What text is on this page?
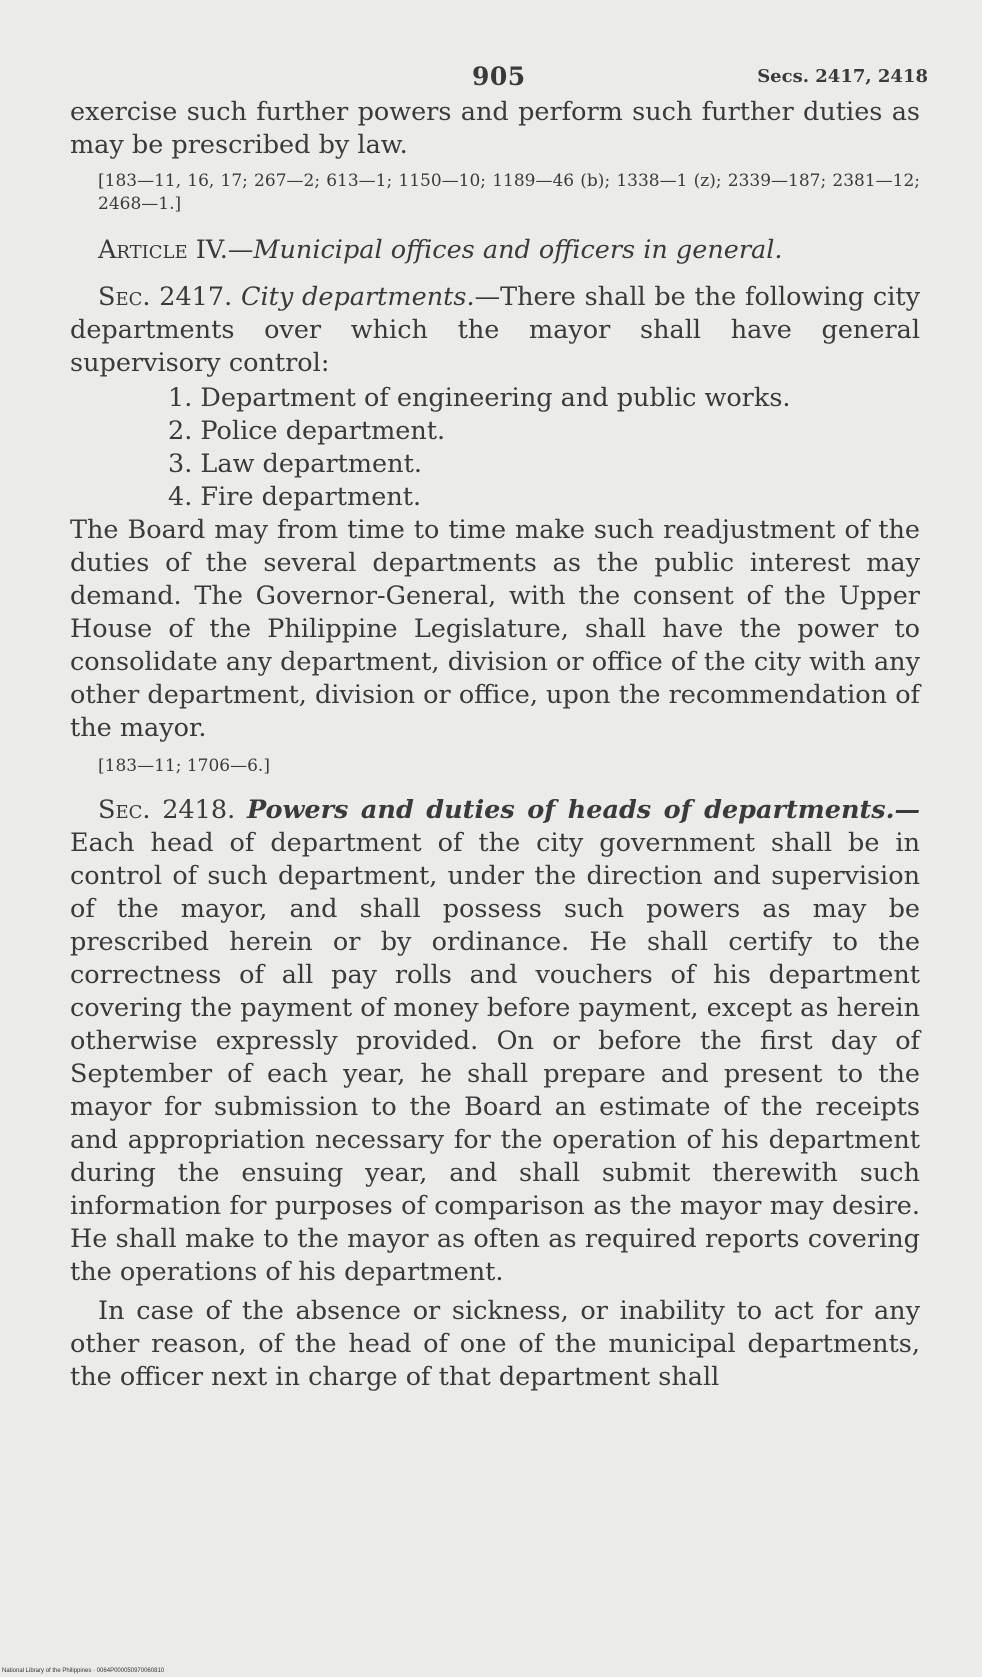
905	Secs. 2417, 2418

exercise such further powers and perform such further duties as may be prescribed by law.

[183—11, 16, 17; 267—2; 613—1; 1150—10; 1189—46 (b); 1338—1 (z); 2339—187; 2381—12; 2468—1.]

Article IV.—Municipal offices and officers in general.

Sec. 2417. City departments.—There shall be the following city departments over which the mayor shall have general supervisory control:

1. Department of engineering and public works.
2. Police department.
3. Law department.
4. Fire department.

The Board may from time to time make such readjustment of the duties of the several departments as the public interest may demand. The Governor-General, with the consent of the Upper House of the Philippine Legislature, shall have the power to consolidate any department, division or office of the city with any other department, division or office, upon the recommendation of the mayor.

[183—11; 1706—6.]

Sec. 2418. Powers and duties of heads of departments.— Each head of department of the city government shall be in control of such department, under the direction and supervision of the mayor, and shall possess such powers as may be prescribed herein or by ordinance. He shall certify to the correctness of all pay rolls and vouchers of his department covering the payment of money before payment, except as herein otherwise expressly provided. On or before the first day of September of each year, he shall prepare and present to the mayor for submission to the Board an estimate of the receipts and appropriation necessary for the operation of his department during the ensuing year, and shall submit therewith such information for purposes of comparison as the mayor may desire. He shall make to the mayor as often as required reports covering the operations of his department.

In case of the absence or sickness, or inability to act for any other reason, of the head of one of the municipal departments, the officer next in charge of that department shall

National Library of the Philippines · 0064P000050970060810
